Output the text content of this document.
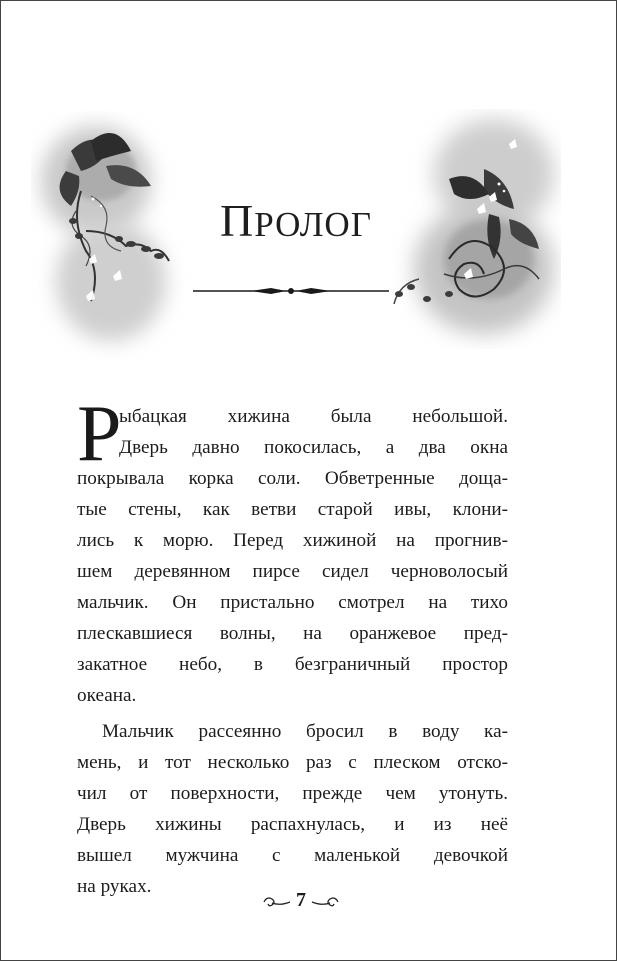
ПРОЛОГ
Р
ыбацкая хижина была небольшой.
Дверь давно покосилась, а два окна
покрывала корка соли. Обветренные доща-
тые стены, как ветви старой ивы, клони-
лись к морю. Перед хижиной на прогнив-
шем деревянном пирсе сидел черноволосый
мальчик. Он пристально смотрел на тихо
плескавшиеся волны, на оранжевое пред-
закатное небо, в безграничный простор
океана.
Мальчик рассеянно бросил в воду ка-
мень, и тот несколько раз с плеском отско-
чил от поверхности, прежде чем утонуть.
Дверь хижины распахнулась, и из неё
вышел мужчина с маленькой девочкой
на руках.
7
